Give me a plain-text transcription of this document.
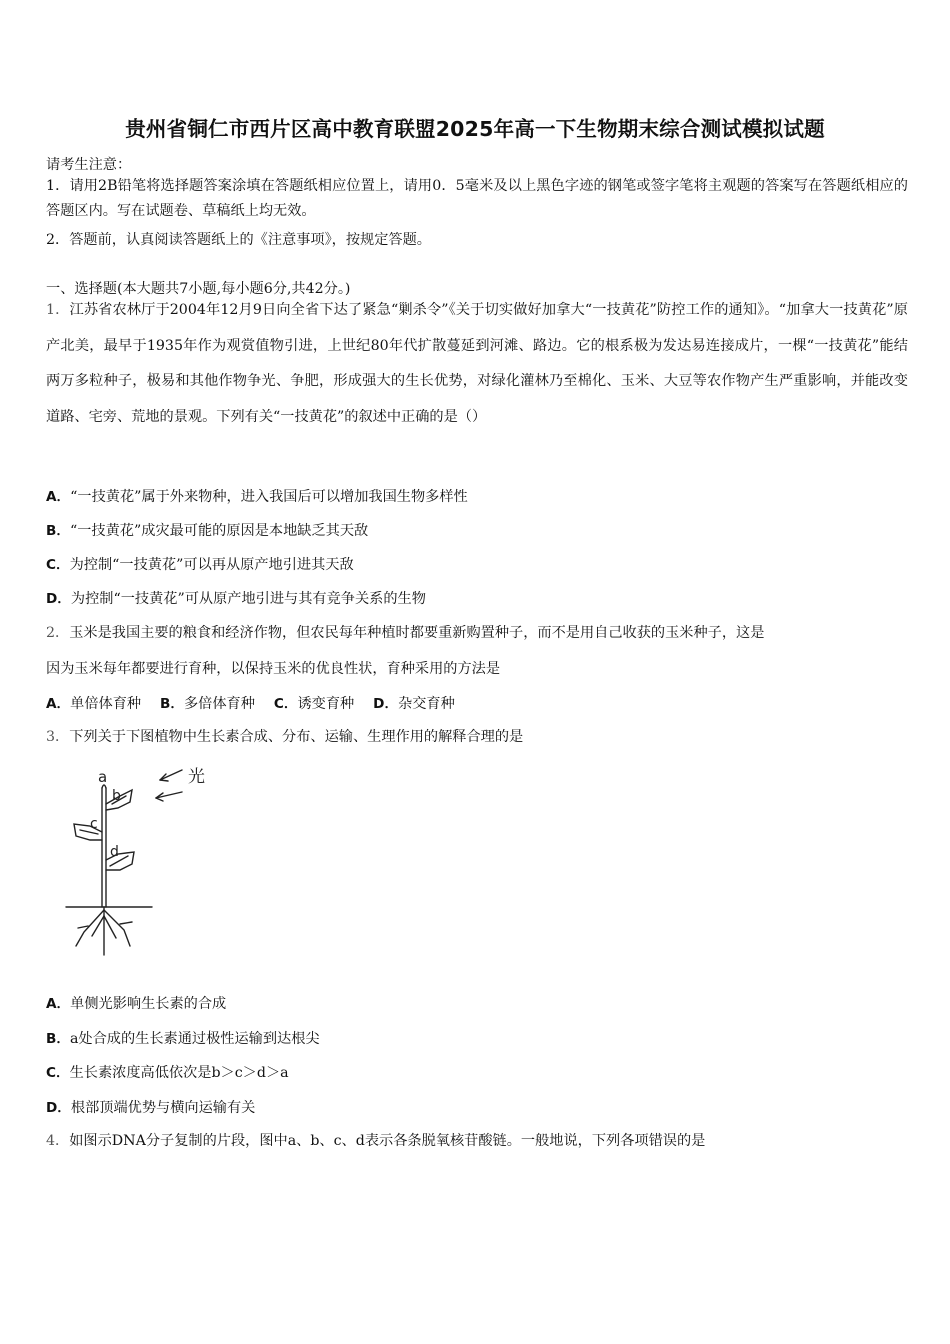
贵州省铜仁市西片区高中教育联盟2025年高一下生物期末综合测试模拟试题
请考生注意：
1．请用2B铅笔将选择题答案涂填在答题纸相应位置上，请用0．5毫米及以上黑色字迹的钢笔或签字笔将主观题的答案写在答题纸相应的答题区内。写在试题卷、草稿纸上均无效。
2．答题前，认真阅读答题纸上的《注意事项》，按规定答题。
一、选择题(本大题共7小题,每小题6分,共42分。)
1．江苏省农林厅于2004年12月9日向全省下达了紧急“剿杀令”《关于切实做好加拿大“一技黄花”防控工作的通知》。“加拿大一技黄花”原产北美，最早于1935年作为观赏值物引进，上世纪80年代扩散蔓延到河滩、路边。它的根系极为发达易连接成片，一棵“一技黄花”能结两万多粒种子，极易和其他作物争光、争肥，形成强大的生长优势，对绿化灌林乃至棉化、玉米、大豆等农作物产生严重影响，并能改变道路、宅旁、荒地的景观。下列有关“一技黄花”的叙述中正确的是（）
A．“一技黄花”属于外来物种，进入我国后可以增加我国生物多样性
B．“一技黄花”成灾最可能的原因是本地缺乏其天敌
C．为控制“一技黄花”可以再从原产地引进其天敌
D．为控制“一技黄花”可从原产地引进与其有竞争关系的生物
2．玉米是我国主要的粮食和经济作物，但农民每年种植时都要重新购置种子，而不是用自己收获的玉米种子，这是
因为玉米每年都要进行育种，以保持玉米的优良性状，育种采用的方法是
A．单倍体育种 B．多倍体育种 C．诱变育种 D．杂交育种
3．下列关于下图植物中生长素合成、分布、运输、生理作用的解释合理的是
a
b
c
d
光
A．单侧光影响生长素的合成
B．a处合成的生长素通过极性运输到达根尖
C．生长素浓度高低依次是b＞c＞d＞a
D．根部顶端优势与横向运输有关
4．如图示DNA分子复制的片段，图中a、b、c、d表示各条脱氧核苷酸链。一般地说，下列各项错误的是
